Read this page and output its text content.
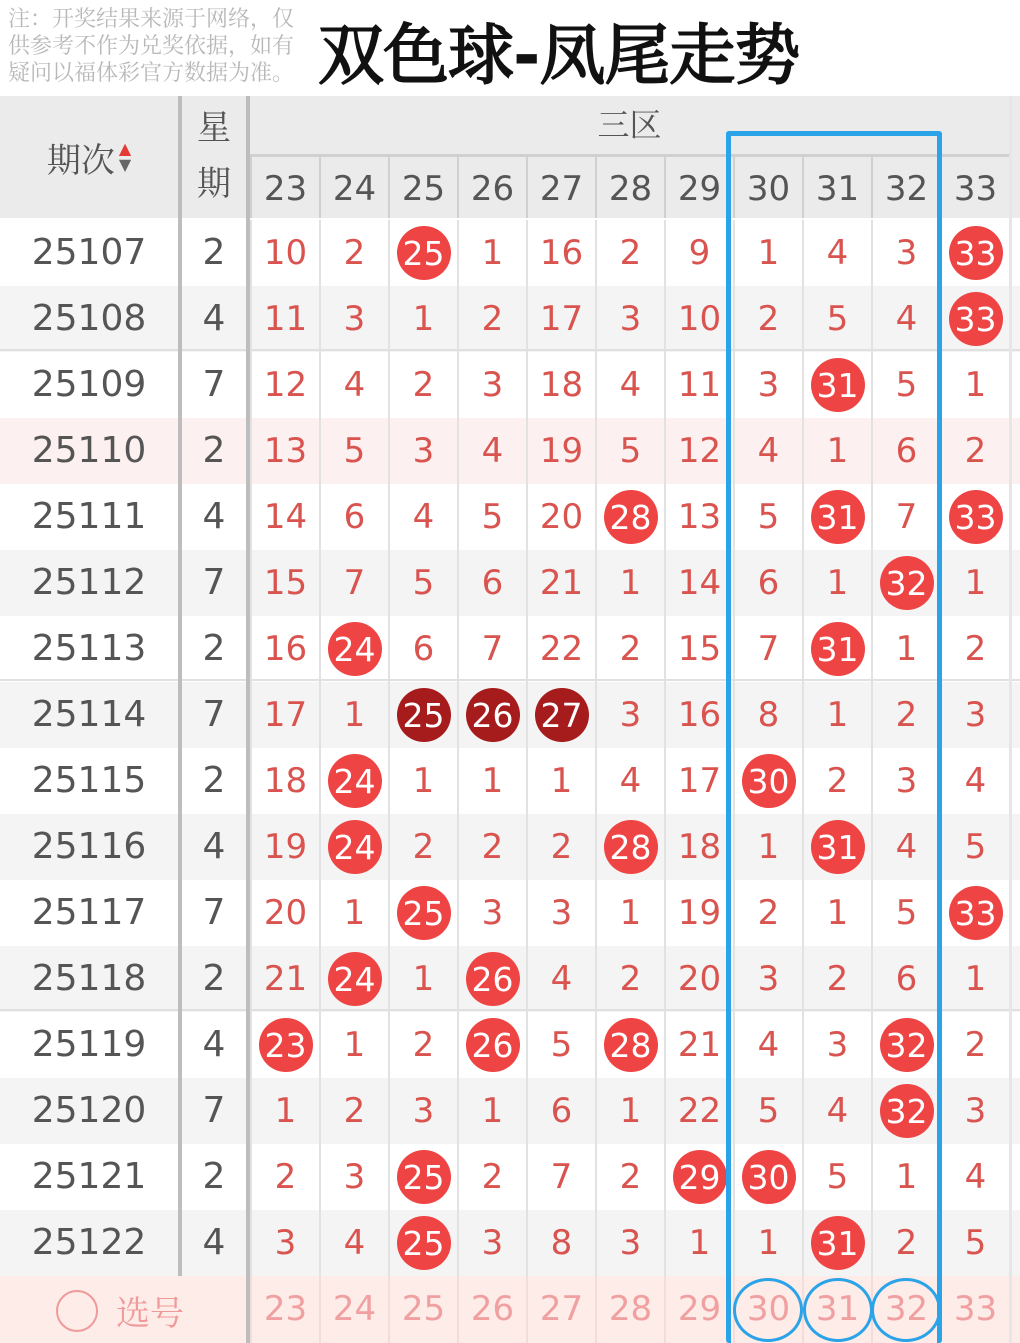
注：开奖结果来源于网络，仅供参考不作为兑奖依据，如有疑问以福体彩官方数据为准。 双色球-凤尾走势
期次 ▲
▼
星
期
三区
23 24 25 26 27 28 29 30 31 32 33
25107	2	10 2 25 1 16 2 9 1 4 3 33
25108	4	11 3 1 2 17 3 10 2 5 4 33
25109	7	12 4 2 3 18 4 11 3 31 5 1
25110	2	13 5 3 4 19 5 12 4 1 6 2
25111	4	14 6 4 5 20 28 13 5 31 7 33
25112	7	15 7 5 6 21 1 14 6 1 32 1
25113	2	16 24 6 7 22 2 15 7 31 1 2
25114	7	17 1 25 26 27 3 16 8 1 2 3
25115	2	18 24 1 1 1 4 17 30 2 3 4
25116	4	19 24 2 2 2 28 18 1 31 4 5
25117	7	20 1 25 3 3 1 19 2 1 5 33
25118	2	21 24 1 26 4 2 20 3 2 6 1
25119	4	23 1 2 26 5 28 21 4 3 32 2
25120	7	1 2 3 1 6 1 22 5 4 32 3
25121	2	2 3 25 2 7 2 29 30 5 1 4
25122	4	3 4 25 3 8 3 1 1 31 2 5
选号	23 24 25 26 27 28 29 30 31 32 33
